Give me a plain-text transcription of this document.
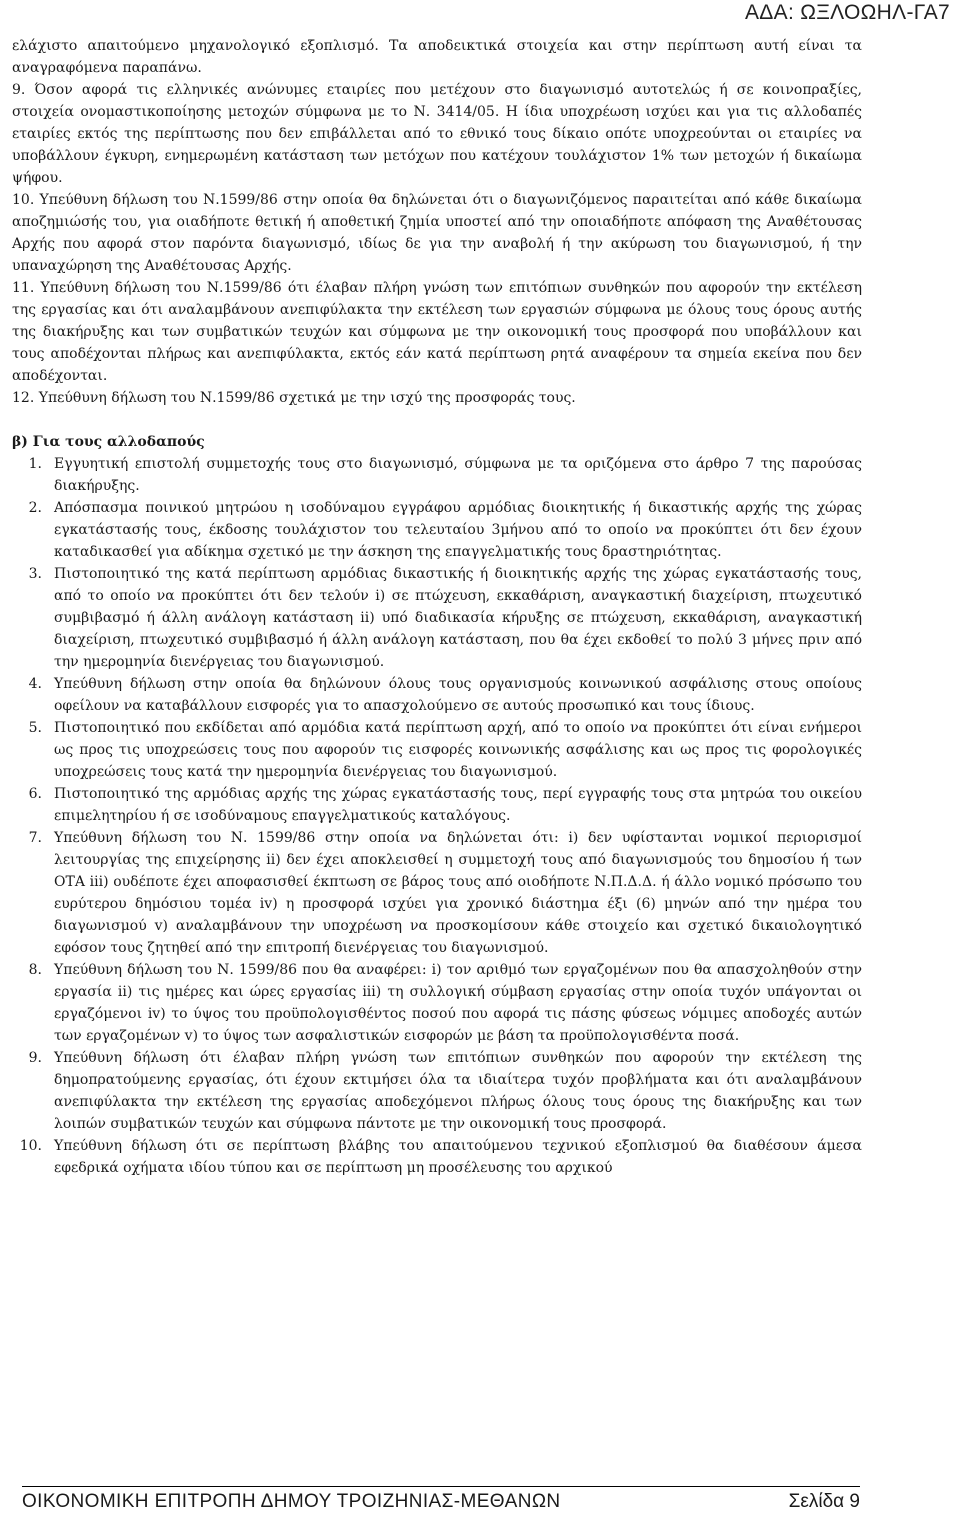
ΑΔΑ: ΩΞΛΟΩΗΛ-ΓΑ7

ελάχιστο απαιτούμενο μηχανολογικό εξοπλισμό. Τα αποδεικτικά στοιχεία και στην περίπτωση αυτή είναι τα αναγραφόμενα παραπάνω.

9. Όσον αφορά τις ελληνικές ανώνυμες εταιρίες που μετέχουν στο διαγωνισμό αυτοτελώς ή σε κοινοπραξίες, στοιχεία ονομαστικοποίησης μετοχών σύμφωνα με το Ν. 3414/05. Η ίδια υποχρέωση ισχύει και για τις αλλοδαπές εταιρίες εκτός της περίπτωσης που δεν επιβάλλεται από το εθνικό τους δίκαιο οπότε υποχρεούνται οι εταιρίες να υποβάλλουν έγκυρη, ενημερωμένη κατάσταση των μετόχων που κατέχουν τουλάχιστον 1% των μετοχών ή δικαίωμα ψήφου.

10. Υπεύθυνη δήλωση του Ν.1599/86 στην οποία θα δηλώνεται ότι ο διαγωνιζόμενος παραιτείται από κάθε δικαίωμα αποζημιώσής του, για οιαδήποτε θετική ή αποθετική ζημία υποστεί από την οποιαδήποτε απόφαση της Αναθέτουσας Αρχής που αφορά στον παρόντα διαγωνισμό, ιδίως δε για την αναβολή ή την ακύρωση του διαγωνισμού, ή την υπαναχώρηση της Αναθέτουσας Αρχής.

11. Υπεύθυνη δήλωση του Ν.1599/86 ότι έλαβαν πλήρη γνώση των επιτόπιων συνθηκών που αφορούν την εκτέλεση της εργασίας και ότι αναλαμβάνουν ανεπιφύλακτα την εκτέλεση των εργασιών σύμφωνα με όλους τους όρους αυτής της διακήρυξης και των συμβατικών τευχών και σύμφωνα με την οικονομική τους προσφορά που υποβάλλουν και τους αποδέχονται πλήρως και ανεπιφύλακτα, εκτός εάν κατά περίπτωση ρητά αναφέρουν τα σημεία εκείνα που δεν αποδέχονται.

12. Υπεύθυνη δήλωση του Ν.1599/86 σχετικά με την ισχύ της προσφοράς τους.

β) Για τους αλλοδαπούς

1. Εγγυητική επιστολή συμμετοχής τους στο διαγωνισμό, σύμφωνα με τα οριζόμενα στο άρθρο 7 της παρούσας διακήρυξης.
2. Απόσπασμα ποινικού μητρώου η ισοδύναμου εγγράφου αρμόδιας διοικητικής ή δικαστικής αρχής της χώρας εγκατάστασής τους, έκδοσης τουλάχιστον του τελευταίου 3μήνου από το οποίο να προκύπτει ότι δεν έχουν καταδικασθεί για αδίκημα σχετικό με την άσκηση της επαγγελματικής τους δραστηριότητας.
3. Πιστοποιητικό της κατά περίπτωση αρμόδιας δικαστικής ή διοικητικής αρχής της χώρας εγκατάστασής τους, από το οποίο να προκύπτει ότι δεν τελούν i) σε πτώχευση, εκκαθάριση, αναγκαστική διαχείριση, πτωχευτικό συμβιβασμό ή άλλη ανάλογη κατάσταση ii) υπό διαδικασία κήρυξης σε πτώχευση, εκκαθάριση, αναγκαστική διαχείριση, πτωχευτικό συμβιβασμό ή άλλη ανάλογη κατάσταση, που θα έχει εκδοθεί το πολύ 3 μήνες πριν από την ημερομηνία διενέργειας του διαγωνισμού.
4. Υπεύθυνη δήλωση στην οποία θα δηλώνουν όλους τους οργανισμούς κοινωνικού ασφάλισης στους οποίους οφείλουν να καταβάλλουν εισφορές για το απασχολούμενο σε αυτούς προσωπικό και τους ίδιους.
5. Πιστοποιητικό που εκδίδεται από αρμόδια κατά περίπτωση αρχή, από το οποίο να προκύπτει ότι είναι ενήμεροι ως προς τις υποχρεώσεις τους που αφορούν τις εισφορές κοινωνικής ασφάλισης και ως προς τις φορολογικές υποχρεώσεις τους κατά την ημερομηνία διενέργειας του διαγωνισμού.
6. Πιστοποιητικό της αρμόδιας αρχής της χώρας εγκατάστασής τους, περί εγγραφής τους στα μητρώα του οικείου επιμελητηρίου ή σε ισοδύναμους επαγγελματικούς καταλόγους.
7. Υπεύθυνη δήλωση του Ν. 1599/86 στην οποία να δηλώνεται ότι: i) δεν υφίστανται νομικοί περιορισμοί λειτουργίας της επιχείρησης ii) δεν έχει αποκλεισθεί η συμμετοχή τους από διαγωνισμούς του δημοσίου ή των ΟΤΑ iii) ουδέποτε έχει αποφασισθεί έκπτωση σε βάρος τους από οιοδήποτε Ν.Π.Δ.Δ. ή άλλο νομικό πρόσωπο του ευρύτερου δημόσιου τομέα iv) η προσφορά ισχύει για χρονικό διάστημα έξι (6) μηνών από την ημέρα του διαγωνισμού v) αναλαμβάνουν την υποχρέωση να προσκομίσουν κάθε στοιχείο και σχετικό δικαιολογητικό εφόσον τους ζητηθεί από την επιτροπή διενέργειας του διαγωνισμού.
8. Υπεύθυνη δήλωση του Ν. 1599/86 που θα αναφέρει: i) τον αριθμό των εργαζομένων που θα απασχοληθούν στην εργασία ii) τις ημέρες και ώρες εργασίας iii) τη συλλογική σύμβαση εργασίας στην οποία τυχόν υπάγονται οι εργαζόμενοι iv) το ύψος του προϋπολογισθέντος ποσού που αφορά τις πάσης φύσεως νόμιμες αποδοχές αυτών των εργαζομένων v) το ύψος των ασφαλιστικών εισφορών με βάση τα προϋπολογισθέντα ποσά.
9. Υπεύθυνη δήλωση ότι έλαβαν πλήρη γνώση των επιτόπιων συνθηκών που αφορούν την εκτέλεση της δημοπρατούμενης εργασίας, ότι έχουν εκτιμήσει όλα τα ιδιαίτερα τυχόν προβλήματα και ότι αναλαμβάνουν ανεπιφύλακτα την εκτέλεση της εργασίας αποδεχόμενοι πλήρως όλους τους όρους της διακήρυξης και των λοιπών συμβατικών τευχών και σύμφωνα πάντοτε με την οικονομική τους προσφορά.
10. Υπεύθυνη δήλωση ότι σε περίπτωση βλάβης του απαιτούμενου τεχνικού εξοπλισμού θα διαθέσουν άμεσα εφεδρικά οχήματα ιδίου τύπου και σε περίπτωση μη προσέλευσης του αρχικού
ΟΙΚΟΝΟΜΙΚΗ ΕΠΙΤΡΟΠΗ ΔΗΜΟΥ ΤΡΟΙΖΗΝΙΑΣ-ΜΕΘΑΝΩΝ	Σελίδα 9
